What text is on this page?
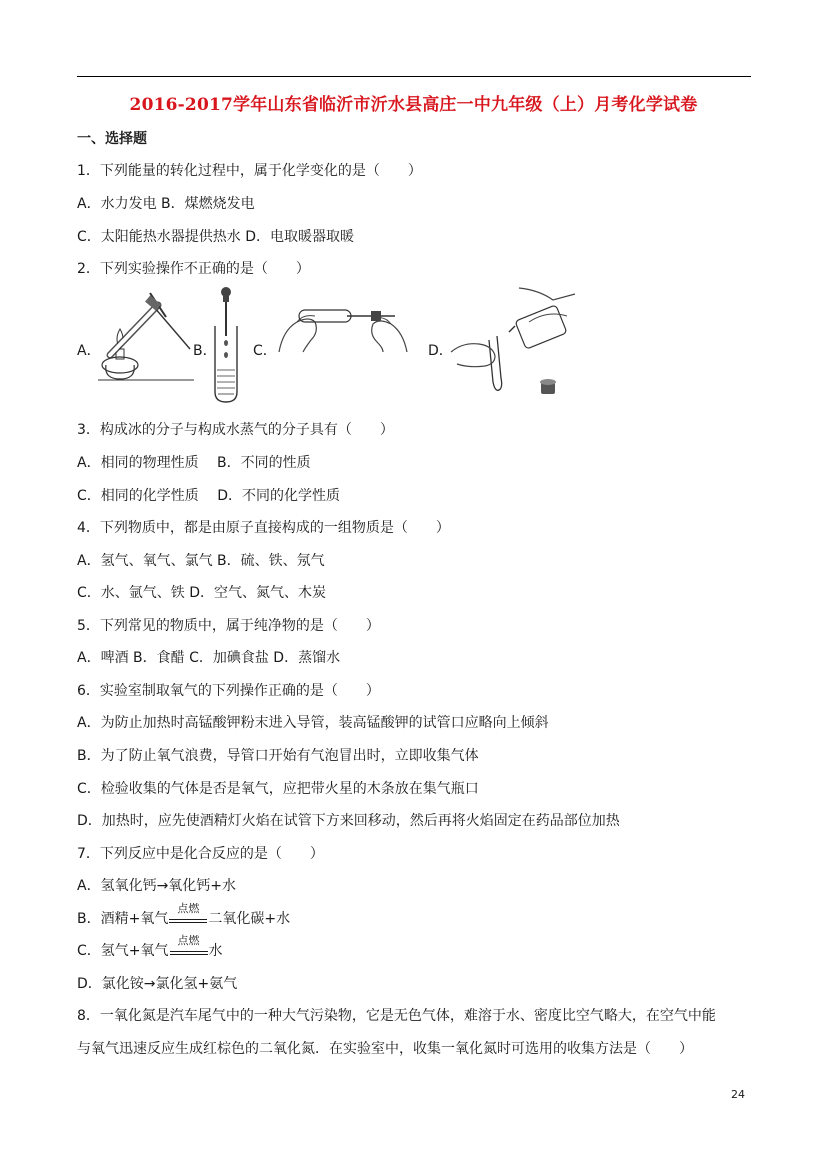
2016-2017学年山东省临沂市沂水县高庄一中九年级（上）月考化学试卷
一、选择题
1．下列能量的转化过程中，属于化学变化的是（　　）
A．水力发电 B．煤燃烧发电
C．太阳能热水器提供热水 D．电取暖器取暖
2．下列实验操作不正确的是（　　）
A．	B．	C．	D．
3．构成冰的分子与构成水蒸气的分子具有（　　）
A．相同的物理性质　 B．不同的性质
C．相同的化学性质　 D．不同的化学性质
4．下列物质中，都是由原子直接构成的一组物质是（　　）
A．氢气、氧气、氯气 B．硫、铁、氖气
C．水、氩气、铁 D．空气、氮气、木炭
5．下列常见的物质中，属于纯净物的是（　　）
A．啤酒 B．食醋 C．加碘食盐 D．蒸馏水
6．实验室制取氧气的下列操作正确的是（　　）
A．为防止加热时高锰酸钾粉末进入导管，装高锰酸钾的试管口应略向上倾斜
B．为了防止氧气浪费，导管口开始有气泡冒出时，立即收集气体
C．检验收集的气体是否是氧气，应把带火星的木条放在集气瓶口
D．加热时，应先使酒精灯火焰在试管下方来回移动，然后再将火焰固定在药品部位加热
7．下列反应中是化合反应的是（　　）
A．氢氧化钙→氧化钙+水
B．酒精+氧气
点燃
二氧化碳+水
C．氢气+氧气
点燃
水
D．氯化铵→氯化氢+氨气
8．一氧化氮是汽车尾气中的一种大气污染物，它是无色气体，难溶于水、密度比空气略大，在空气中能
与氧气迅速反应生成红棕色的二氧化氮．在实验室中，收集一氧化氮时可选用的收集方法是（　　）
24
